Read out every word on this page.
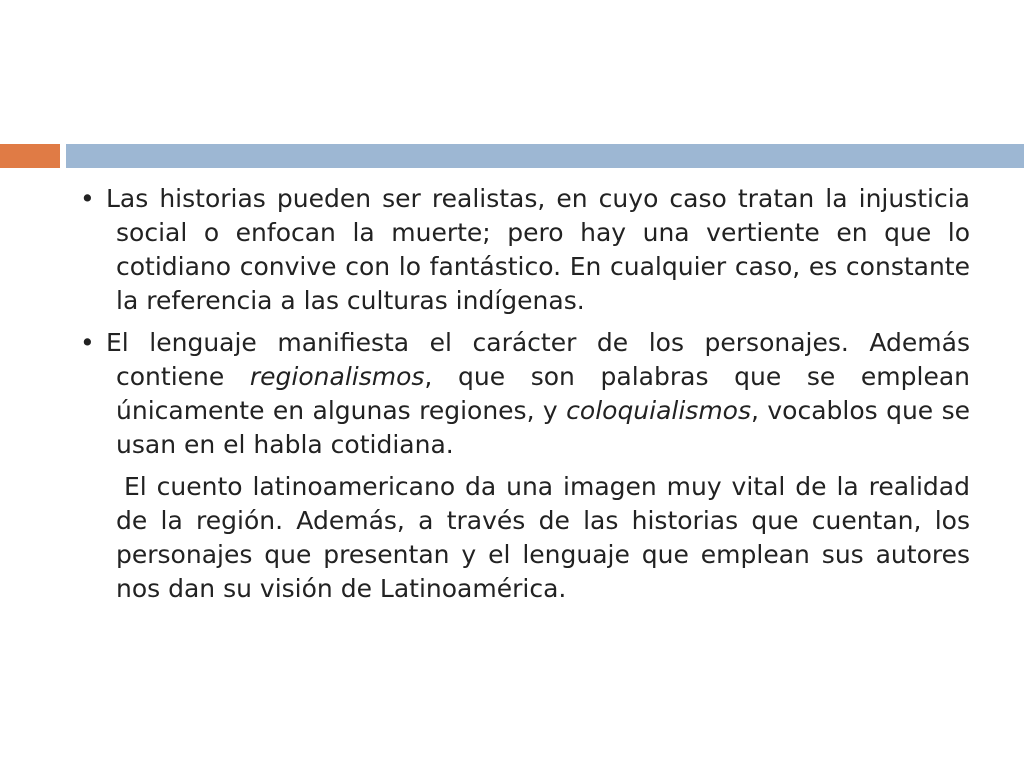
• Las historias pueden ser realistas, en cuyo caso tratan la injusticia social o enfocan la muerte; pero hay una vertiente en que lo cotidiano convive con lo fantástico. En cualquier caso, es constante la referencia a las culturas indígenas.

• El lenguaje manifiesta el carácter de los personajes. Además contiene regionalismos, que son palabras que se emplean únicamente en algunas regiones, y coloquialismos, vocablos que se usan en el habla cotidiana.

El cuento latinoamericano da una imagen muy vital de la realidad de la región. Además, a través de las historias que cuentan, los personajes que presentan y el lenguaje que emplean sus autores nos dan su visión de Latinoamérica.
